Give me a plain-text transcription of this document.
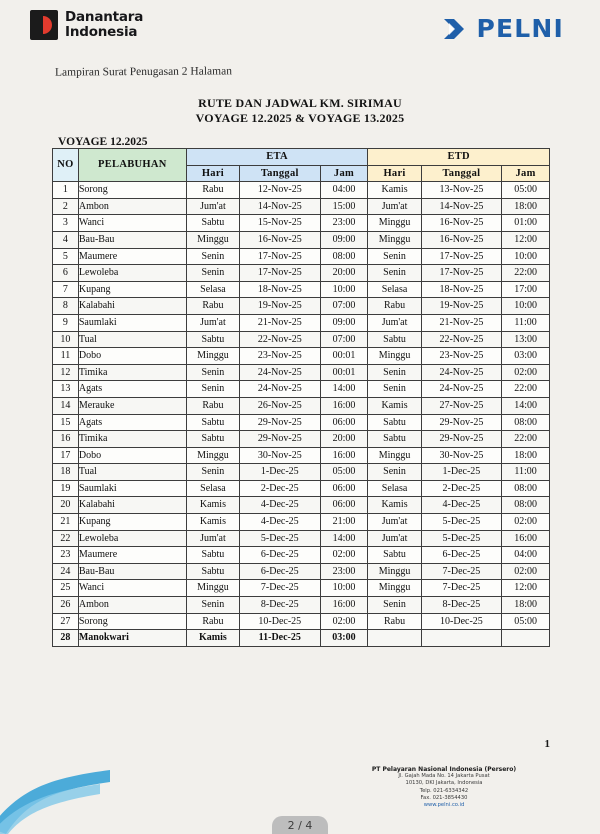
Danantara
Indonesia	PELNI
Lampiran Surat Penugasan 2 Halaman
RUTE DAN JADWAL KM. SIRIMAU
VOYAGE 12.2025 & VOYAGE 13.2025
VOYAGE 12.2025
NO	PELABUHAN	ETA			ETD		
		Hari	Tanggal	Jam	Hari	Tanggal	Jam
1	Sorong	Rabu	12-Nov-25	04:00	Kamis	13-Nov-25	05:00
2	Ambon	Jum'at	14-Nov-25	15:00	Jum'at	14-Nov-25	18:00
3	Wanci	Sabtu	15-Nov-25	23:00	Minggu	16-Nov-25	01:00
4	Bau-Bau	Minggu	16-Nov-25	09:00	Minggu	16-Nov-25	12:00
5	Maumere	Senin	17-Nov-25	08:00	Senin	17-Nov-25	10:00
6	Lewoleba	Senin	17-Nov-25	20:00	Senin	17-Nov-25	22:00
7	Kupang	Selasa	18-Nov-25	10:00	Selasa	18-Nov-25	17:00
8	Kalabahi	Rabu	19-Nov-25	07:00	Rabu	19-Nov-25	10:00
9	Saumlaki	Jum'at	21-Nov-25	09:00	Jum'at	21-Nov-25	11:00
10	Tual	Sabtu	22-Nov-25	07:00	Sabtu	22-Nov-25	13:00
11	Dobo	Minggu	23-Nov-25	00:01	Minggu	23-Nov-25	03:00
12	Timika	Senin	24-Nov-25	00:01	Senin	24-Nov-25	02:00
13	Agats	Senin	24-Nov-25	14:00	Senin	24-Nov-25	22:00
14	Merauke	Rabu	26-Nov-25	16:00	Kamis	27-Nov-25	14:00
15	Agats	Sabtu	29-Nov-25	06:00	Sabtu	29-Nov-25	08:00
16	Timika	Sabtu	29-Nov-25	20:00	Sabtu	29-Nov-25	22:00
17	Dobo	Minggu	30-Nov-25	16:00	Minggu	30-Nov-25	18:00
18	Tual	Senin	1-Dec-25	05:00	Senin	1-Dec-25	11:00
19	Saumlaki	Selasa	2-Dec-25	06:00	Selasa	2-Dec-25	08:00
20	Kalabahi	Kamis	4-Dec-25	06:00	Kamis	4-Dec-25	08:00
21	Kupang	Kamis	4-Dec-25	21:00	Jum'at	5-Dec-25	02:00
22	Lewoleba	Jum'at	5-Dec-25	14:00	Jum'at	5-Dec-25	16:00
23	Maumere	Sabtu	6-Dec-25	02:00	Sabtu	6-Dec-25	04:00
24	Bau-Bau	Sabtu	6-Dec-25	23:00	Minggu	7-Dec-25	02:00
25	Wanci	Minggu	7-Dec-25	10:00	Minggu	7-Dec-25	12:00
26	Ambon	Senin	8-Dec-25	16:00	Senin	8-Dec-25	18:00
27	Sorong	Rabu	10-Dec-25	02:00	Rabu	10-Dec-25	05:00
28	Manokwari	Kamis	11-Dec-25	03:00			
1
PT Pelayaran Nasional Indonesia (Persero)
Jl. Gajah Mada No. 14 Jakarta Pusat
10130, DKI Jakarta, Indonesia
Telp. 021-6334342
Fax. 021-3854430
www.pelni.co.id
2 / 4
